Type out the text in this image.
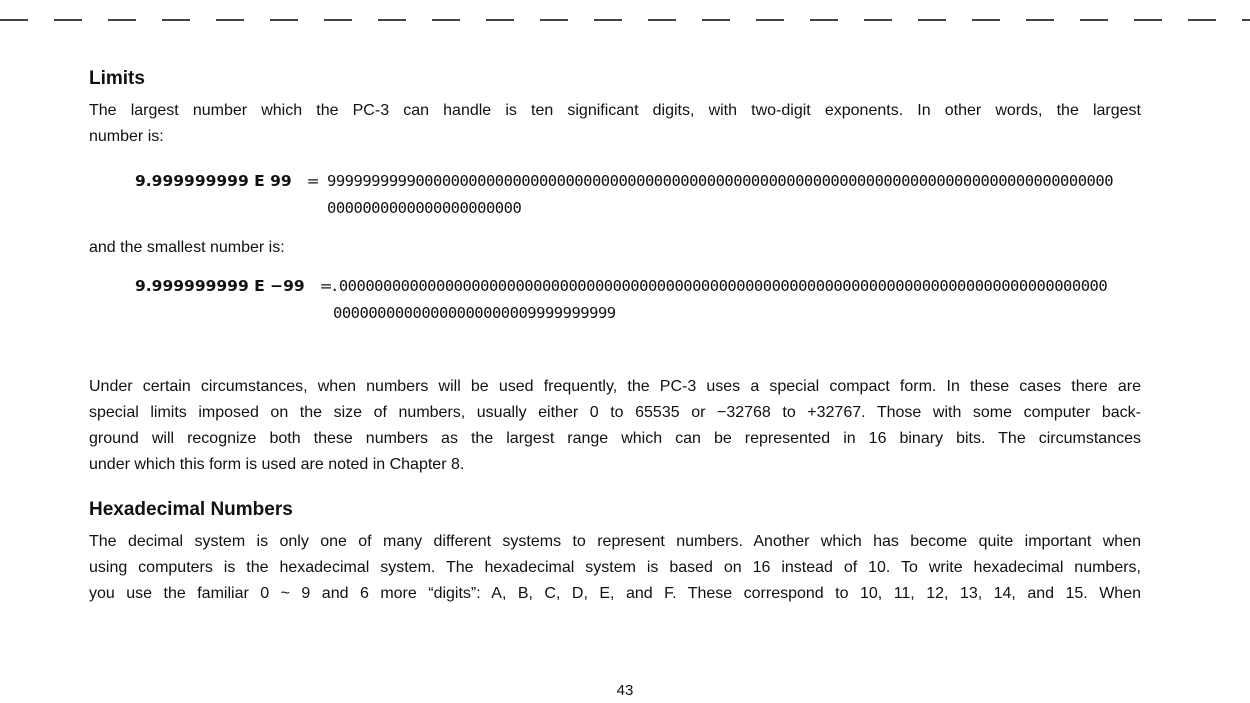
Limits

The largest number which the PC-3 can handle is ten significant digits, with two-digit exponents. In other words, the largest

number is:

9.999999999 E 99 = 99999999990000000000000000000000000000000000000000000000000000000000000000000000000000000
0000000000000000000000

and the smallest number is:

9.999999999 E −99 =
.000000000000000000000000000000000000000000000000000000000000000000000000000000000000000
00000000000000000000009999999999

Under certain circumstances, when numbers will be used frequently, the PC-3 uses a special compact form. In these cases there are

special limits imposed on the size of numbers, usually either 0 to 65535 or −32768 to +32767. Those with some computer back-

ground will recognize both these numbers as the largest range which can be represented in 16 binary bits. The circumstances

under which this form is used are noted in Chapter 8.

Hexadecimal Numbers

The decimal system is only one of many different systems to represent numbers. Another which has become quite important when

using computers is the hexadecimal system. The hexadecimal system is based on 16 instead of 10. To write hexadecimal numbers,

you use the familiar 0 ~ 9 and 6 more “digits”: A, B, C, D, E, and F. These correspond to 10, 11, 12, 13, 14, and 15. When

43
